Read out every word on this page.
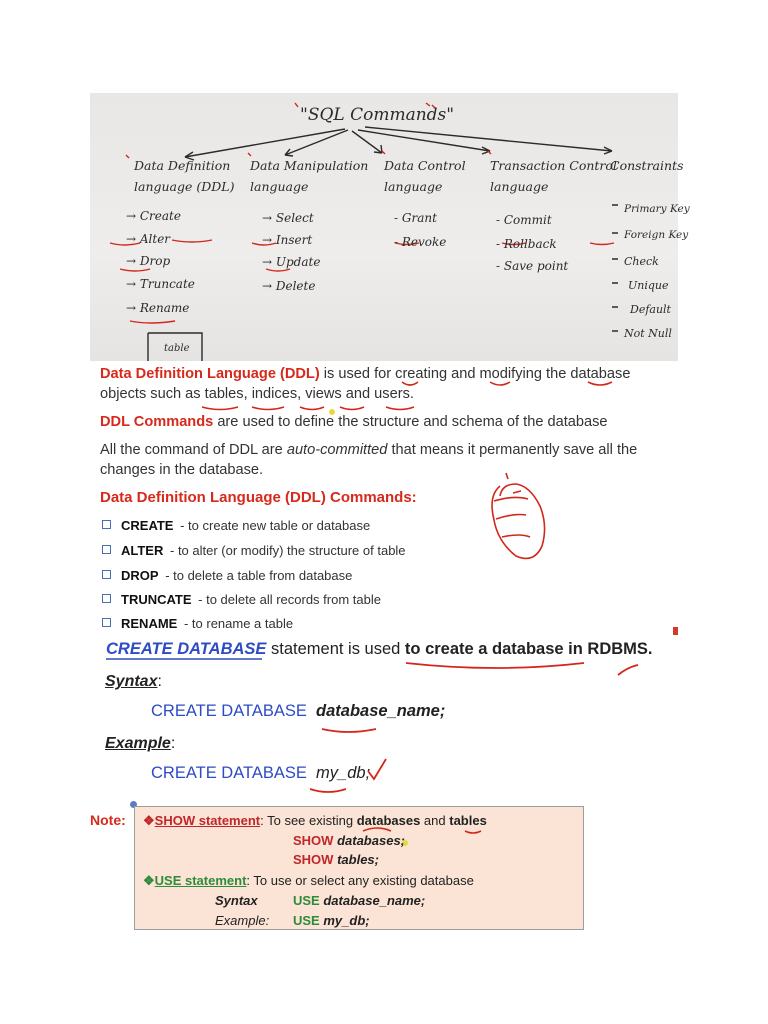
"SQL Commands"
Data Definition
language (DDL)
→ Create
→ Alter
→ Drop
→ Truncate
→ Rename
Data Manipulation
language
→ Select
→ Insert
→ Update
→ Delete
Data Control
language
- Grant
- Revoke
Transaction Control
language
- Commit
- Rollback
- Save point
Constraints
Primary Key
Foreign Key
Check
Unique
Default
Not Null
table
Data Definition Language (DDL) is used for creating and modifying the database
objects such as tables, indices, views and users.
DDL Commands are used to define the structure and schema of the database
All the command of DDL are auto-committed that means it permanently save all the
changes in the database.
Data Definition Language (DDL) Commands:
CREATE - to create new table or database
ALTER - to alter (or modify) the structure of table
DROP - to delete a table from database
TRUNCATE - to delete all records from table
RENAME - to rename a table
CREATE DATABASE statement is used to create a database in RDBMS.
Syntax:
CREATE DATABASE database_name;
Example:
CREATE DATABASE my_db;
Note:	❖SHOW statement: To see existing databases and tables
SHOW databases;
SHOW tables;
❖USE statement: To use or select any existing database
Syntax	USE database_name;
Example: USE my_db;
